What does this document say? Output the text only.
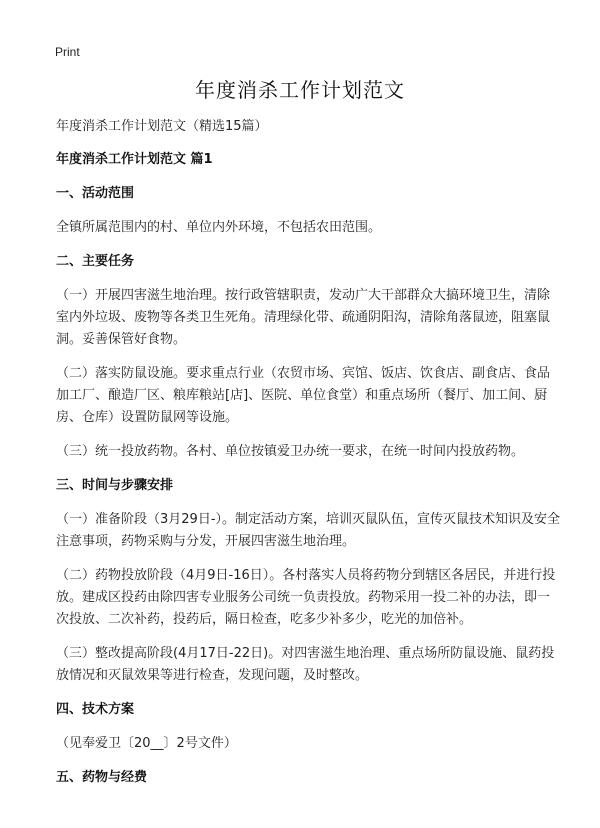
Print
年度消杀工作计划范文

年度消杀工作计划范文（精选15篇）

年度消杀工作计划范文 篇1

一、活动范围

全镇所属范围内的村、单位内外环境，不包括农田范围。

二、主要任务

（一）开展四害滋生地治理。按行政管辖职责，发动广大干部群众大搞环境卫生，清除室内外垃圾、废物等各类卫生死角。清理绿化带、疏通阴阳沟，清除角落鼠迹，阻塞鼠洞。妥善保管好食物。

（二）落实防鼠设施。要求重点行业（农贸市场、宾馆、饭店、饮食店、副食店、食品加工厂、酿造厂区、粮库粮站[店]、医院、单位食堂）和重点场所（餐厅、加工间、厨房、仓库）设置防鼠网等设施。

（三）统一投放药物。各村、单位按镇爱卫办统一要求，在统一时间内投放药物。

三、时间与步骤安排

（一）准备阶段（3月29日-）。制定活动方案，培训灭鼠队伍，宣传灭鼠技术知识及安全注意事项，药物采购与分发，开展四害滋生地治理。

（二）药物投放阶段（4月9日-16日）。各村落实人员将药物分到辖区各居民，并进行投放。建成区投药由除四害专业服务公司统一负责投放。药物采用一投二补的办法，即一次投放、二次补药，投药后，隔日检查，吃多少补多少，吃光的加倍补。

（三）整改提高阶段(4月17日-22日)。对四害滋生地治理、重点场所防鼠设施、鼠药投放情况和灭鼠效果等进行检查，发现问题，及时整改。

四、技术方案

（见奉爱卫〔20__〕2号文件）

五、药物与经费
